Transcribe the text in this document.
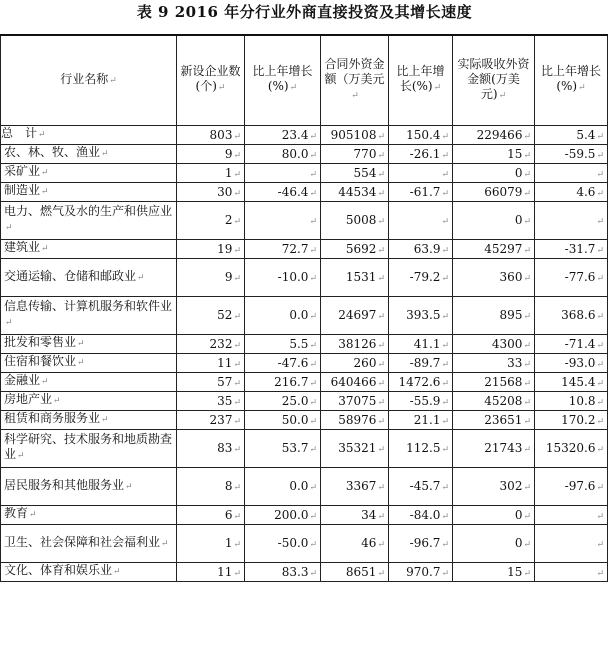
表 9 2016 年分行业外商直接投资及其增长速度
行业名称↵	新设企业数(个)↵	比上年增长(%)↵	合同外资金额（万美元↵	比上年增长(%)↵	实际吸收外资金额(万美元)↵	比上年增长(%)↵
总　计↵	803↵	23.4↵	905108↵	150.4↵	229466↵	5.4↵
农、林、牧、渔业↵	9↵	80.0↵	770↵	-26.1↵	15↵	-59.5↵
采矿业↵	1↵	↵	554↵	↵	0↵	↵
制造业↵	30↵	-46.4↵	44534↵	-61.7↵	66079↵	4.6↵
电力、燃气及水的生产和供应业↵	2↵	↵	5008↵	↵	0↵	↵
建筑业↵	19↵	72.7↵	5692↵	63.9↵	45297↵	-31.7↵
交通运输、仓储和邮政业↵	9↵	-10.0↵	1531↵	-79.2↵	360↵	-77.6↵
信息传输、计算机服务和软件业↵	52↵	0.0↵	24697↵	393.5↵	895↵	368.6↵
批发和零售业↵	232↵	5.5↵	38126↵	41.1↵	4300↵	-71.4↵
住宿和餐饮业↵	11↵	-47.6↵	260↵	-89.7↵	33↵	-93.0↵
金融业↵	57↵	216.7↵	640466↵	1472.6↵	21568↵	145.4↵
房地产业↵	35↵	25.0↵	37075↵	-55.9↵	45208↵	10.8↵
租赁和商务服务业↵	237↵	50.0↵	58976↵	21.1↵	23651↵	170.2↵
科学研究、技术服务和地质勘查业↵	83↵	53.7↵	35321↵	112.5↵	21743↵	15320.6↵
居民服务和其他服务业↵	8↵	0.0↵	3367↵	-45.7↵	302↵	-97.6↵
教育↵	6↵	200.0↵	34↵	-84.0↵	0↵	↵
卫生、社会保障和社会福利业↵	1↵	-50.0↵	46↵	-96.7↵	0↵	↵
文化、体育和娱乐业↵	11↵	83.3↵	8651↵	970.7↵	15↵	↵
